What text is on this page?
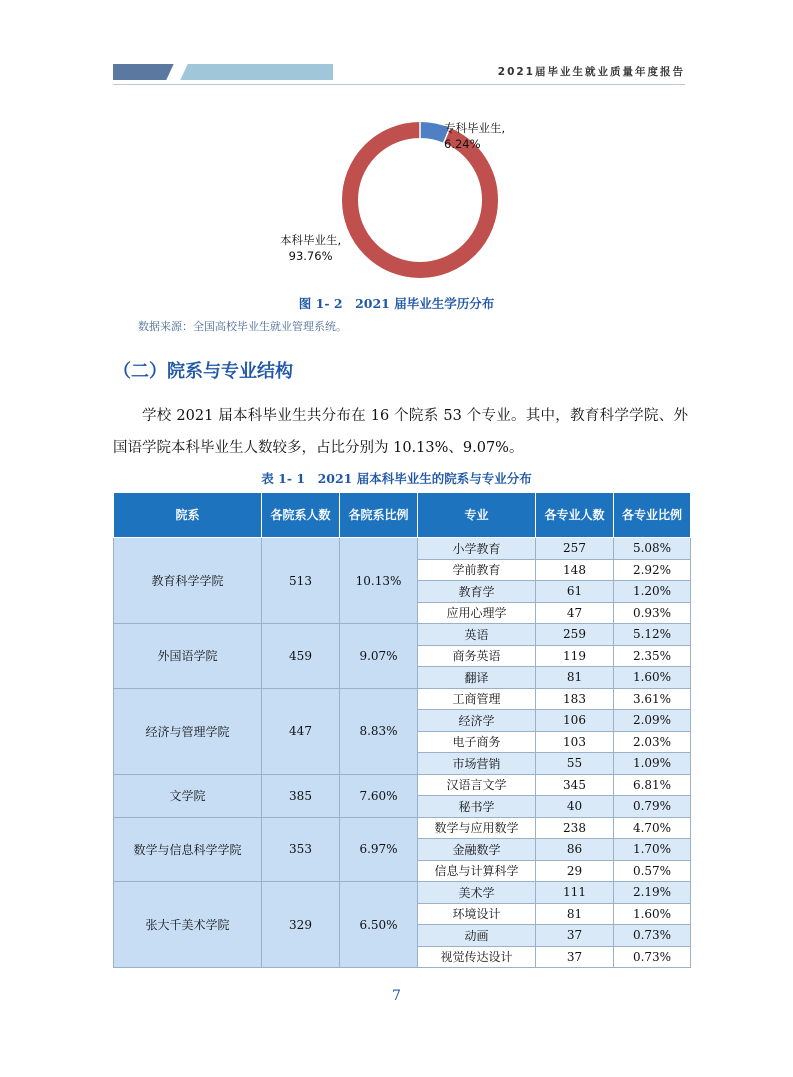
2021届毕业生就业质量年度报告
专科毕业生,
6.24%
本科毕业生,
93.76%
图 1- 2　2021 届毕业生学历分布
数据来源：全国高校毕业生就业管理系统。
（二）院系与专业结构

学校 2021 届本科毕业生共分布在 16 个院系 53 个专业。其中，教育科学学院、外国语学院本科毕业生人数较多，占比分别为 10.13%、9.07%。

表 1- 1　2021 届本科毕业生的院系与专业分布
院系	各院系人数	各院系比例	专业	各专业人数	各专业比例
教育科学学院	513	10.13%	小学教育	257	5.08%
			学前教育	148	2.92%
			教育学	61	1.20%
			应用心理学	47	0.93%
外国语学院	459	9.07%	英语	259	5.12%
			商务英语	119	2.35%
			翻译	81	1.60%
经济与管理学院	447	8.83%	工商管理	183	3.61%
			经济学	106	2.09%
			电子商务	103	2.03%
			市场营销	55	1.09%
文学院	385	7.60%	汉语言文学	345	6.81%
			秘书学	40	0.79%
数学与信息科学学院	353	6.97%	数学与应用数学	238	4.70%
			金融数学	86	1.70%
			信息与计算科学	29	0.57%
张大千美术学院	329	6.50%	美术学	111	2.19%
			环境设计	81	1.60%
			动画	37	0.73%
			视觉传达设计	37	0.73%
7
